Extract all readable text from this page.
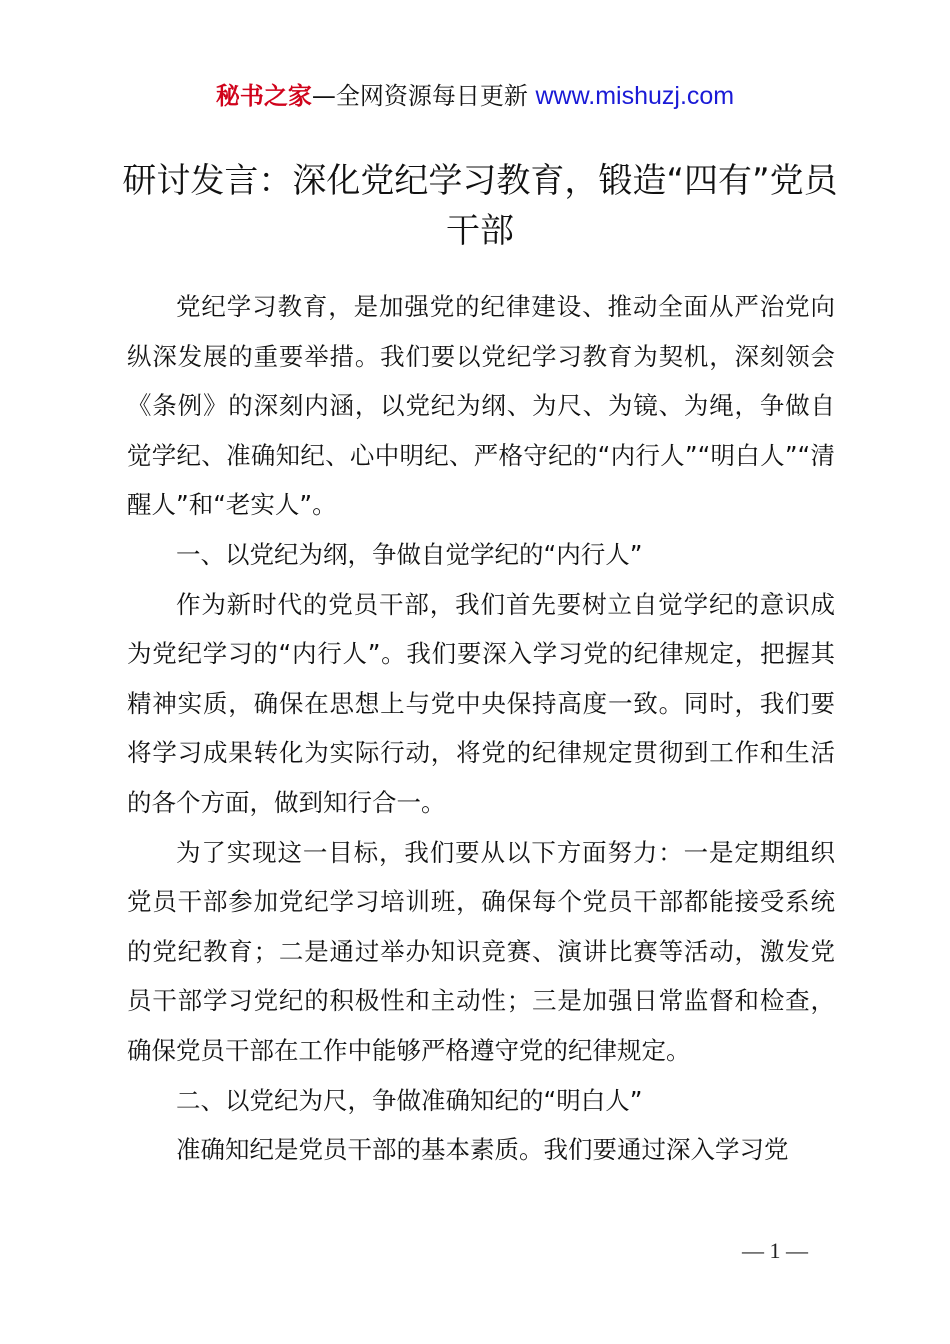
秘书之家—全网资源每日更新 www.mishuzj.com
研讨发言：深化党纪学习教育，锻造“四有”党员干部

党纪学习教育，是加强党的纪律建设、推动全面从严治党向纵深发展的重要举措。我们要以党纪学习教育为契机，深刻领会《条例》的深刻内涵，以党纪为纲、为尺、为镜、为绳，争做自觉学纪、准确知纪、心中明纪、严格守纪的“内行人”“明白人”“清醒人”和“老实人”。

一、以党纪为纲，争做自觉学纪的“内行人”

作为新时代的党员干部，我们首先要树立自觉学纪的意识成为党纪学习的“内行人”。我们要深入学习党的纪律规定，把握其精神实质，确保在思想上与党中央保持高度一致。同时，我们要将学习成果转化为实际行动，将党的纪律规定贯彻到工作和生活的各个方面，做到知行合一。

为了实现这一目标，我们要从以下方面努力：一是定期组织党员干部参加党纪学习培训班，确保每个党员干部都能接受系统的党纪教育；二是通过举办知识竞赛、演讲比赛等活动，激发党员干部学习党纪的积极性和主动性；三是加强日常监督和检查，确保党员干部在工作中能够严格遵守党的纪律规定。

二、以党纪为尺，争做准确知纪的“明白人”

准确知纪是党员干部的基本素质。我们要通过深入学习党

— 1 —
